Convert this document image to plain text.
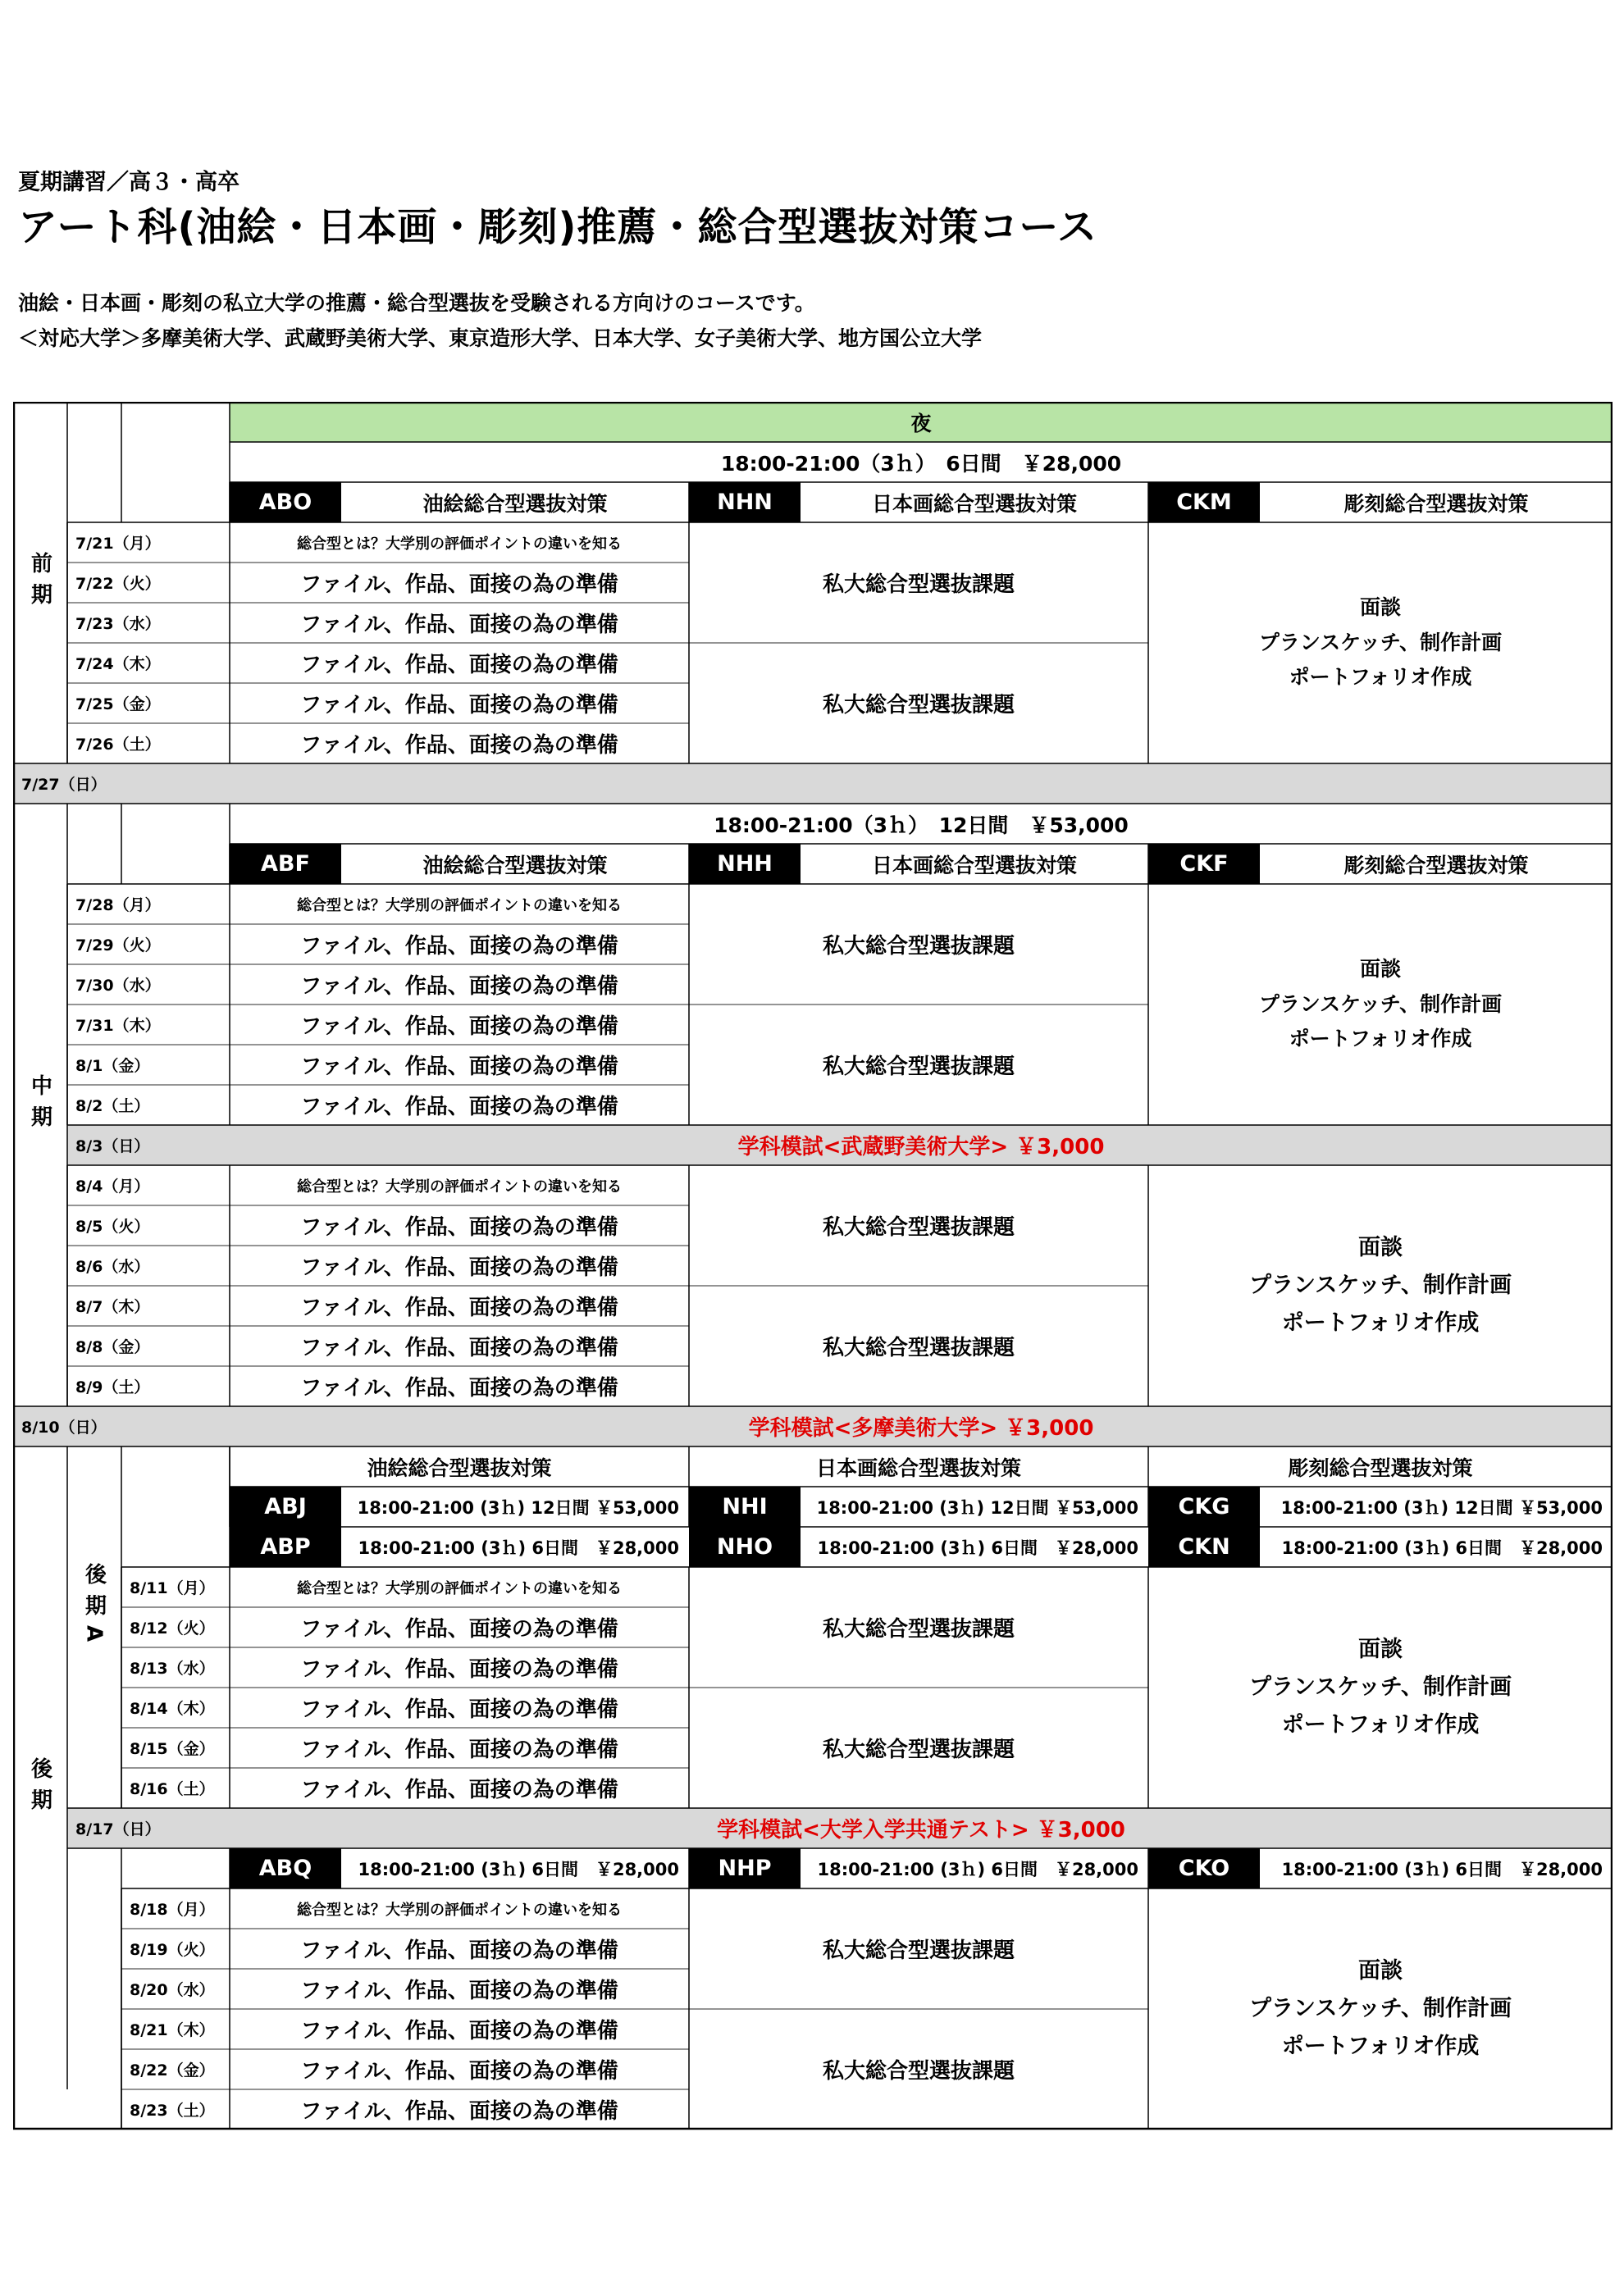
夏期講習／高３・高卒
アート科(油絵・日本画・彫刻)推薦・総合型選抜対策コース
油絵・日本画・彫刻の私立大学の推薦・総合型選抜を受験される方向けのコースです。
＜対応大学＞多摩美術大学、武蔵野美術大学、東京造形大学、日本大学、女子美術大学、地方国公立大学
夜
18:00-21:00（3ｈ）　6日間　￥28,000
ABO	油絵総合型選抜対策	NHN	日本画総合型選抜対策	CKM	彫刻総合型選抜対策
7/21（月）	総合型とは？大学別の評価ポイントの違いを知る
7/22（火）	ファイル、作品、面接の為の準備
7/23（水）	ファイル、作品、面接の為の準備
7/24（木）	ファイル、作品、面接の為の準備
7/25（金）	ファイル、作品、面接の為の準備
7/26（土）	ファイル、作品、面接の為の準備
私大総合型選抜課題
私大総合型選抜課題
面談
プランスケッチ、制作計画
ポートフォリオ作成
7/27（日）
前期
18:00-21:00（3ｈ）　12日間　￥53,000
ABF	油絵総合型選抜対策	NHH	日本画総合型選抜対策	CKF	彫刻総合型選抜対策
7/28（月）	総合型とは？大学別の評価ポイントの違いを知る
7/29（火）	ファイル、作品、面接の為の準備
7/30（水）	ファイル、作品、面接の為の準備
7/31（木）	ファイル、作品、面接の為の準備
8/1（金）	ファイル、作品、面接の為の準備
8/2（土）	ファイル、作品、面接の為の準備
私大総合型選抜課題
私大総合型選抜課題
面談
プランスケッチ、制作計画
ポートフォリオ作成
8/3（日）	学科模試<武蔵野美術大学> ￥3,000
8/4（月）	総合型とは？大学別の評価ポイントの違いを知る
8/5（火）	ファイル、作品、面接の為の準備
8/6（水）	ファイル、作品、面接の為の準備
8/7（木）	ファイル、作品、面接の為の準備
8/8（金）	ファイル、作品、面接の為の準備
8/9（土）	ファイル、作品、面接の為の準備
私大総合型選抜課題
私大総合型選抜課題
面談
プランスケッチ、制作計画
ポートフォリオ作成
8/10（日）	学科模試<多摩美術大学> ￥3,000
中期
油絵総合型選抜対策	日本画総合型選抜対策	彫刻総合型選抜対策
ABJ	18:00-21:00 (3ｈ) 12日間 ￥53,000	NHI	18:00-21:00 (3ｈ) 12日間 ￥53,000	CKG	18:00-21:00 (3ｈ) 12日間 ￥53,000
ABP	18:00-21:00 (3ｈ) 6日間　￥28,000	NHO	18:00-21:00 (3ｈ) 6日間　￥28,000	CKN	18:00-21:00 (3ｈ) 6日間　￥28,000
8/11（月）	総合型とは？大学別の評価ポイントの違いを知る
8/12（火）	ファイル、作品、面接の為の準備
8/13（水）	ファイル、作品、面接の為の準備
8/14（木）	ファイル、作品、面接の為の準備
8/15（金）	ファイル、作品、面接の為の準備
8/16（土）	ファイル、作品、面接の為の準備
私大総合型選抜課題
私大総合型選抜課題
面談
プランスケッチ、制作計画
ポートフォリオ作成
8/17（日）	学科模試<大学入学共通テスト> ￥3,000
後期A
ABQ	18:00-21:00 (3ｈ) 6日間　￥28,000	NHP	18:00-21:00 (3ｈ) 6日間　￥28,000	CKO	18:00-21:00 (3ｈ) 6日間　￥28,000
8/18（月）	総合型とは？大学別の評価ポイントの違いを知る
8/19（火）	ファイル、作品、面接の為の準備
8/20（水）	ファイル、作品、面接の為の準備
8/21（木）	ファイル、作品、面接の為の準備
8/22（金）	ファイル、作品、面接の為の準備
8/23（土）	ファイル、作品、面接の為の準備
私大総合型選抜課題
私大総合型選抜課題
面談
プランスケッチ、制作計画
ポートフォリオ作成
後期
